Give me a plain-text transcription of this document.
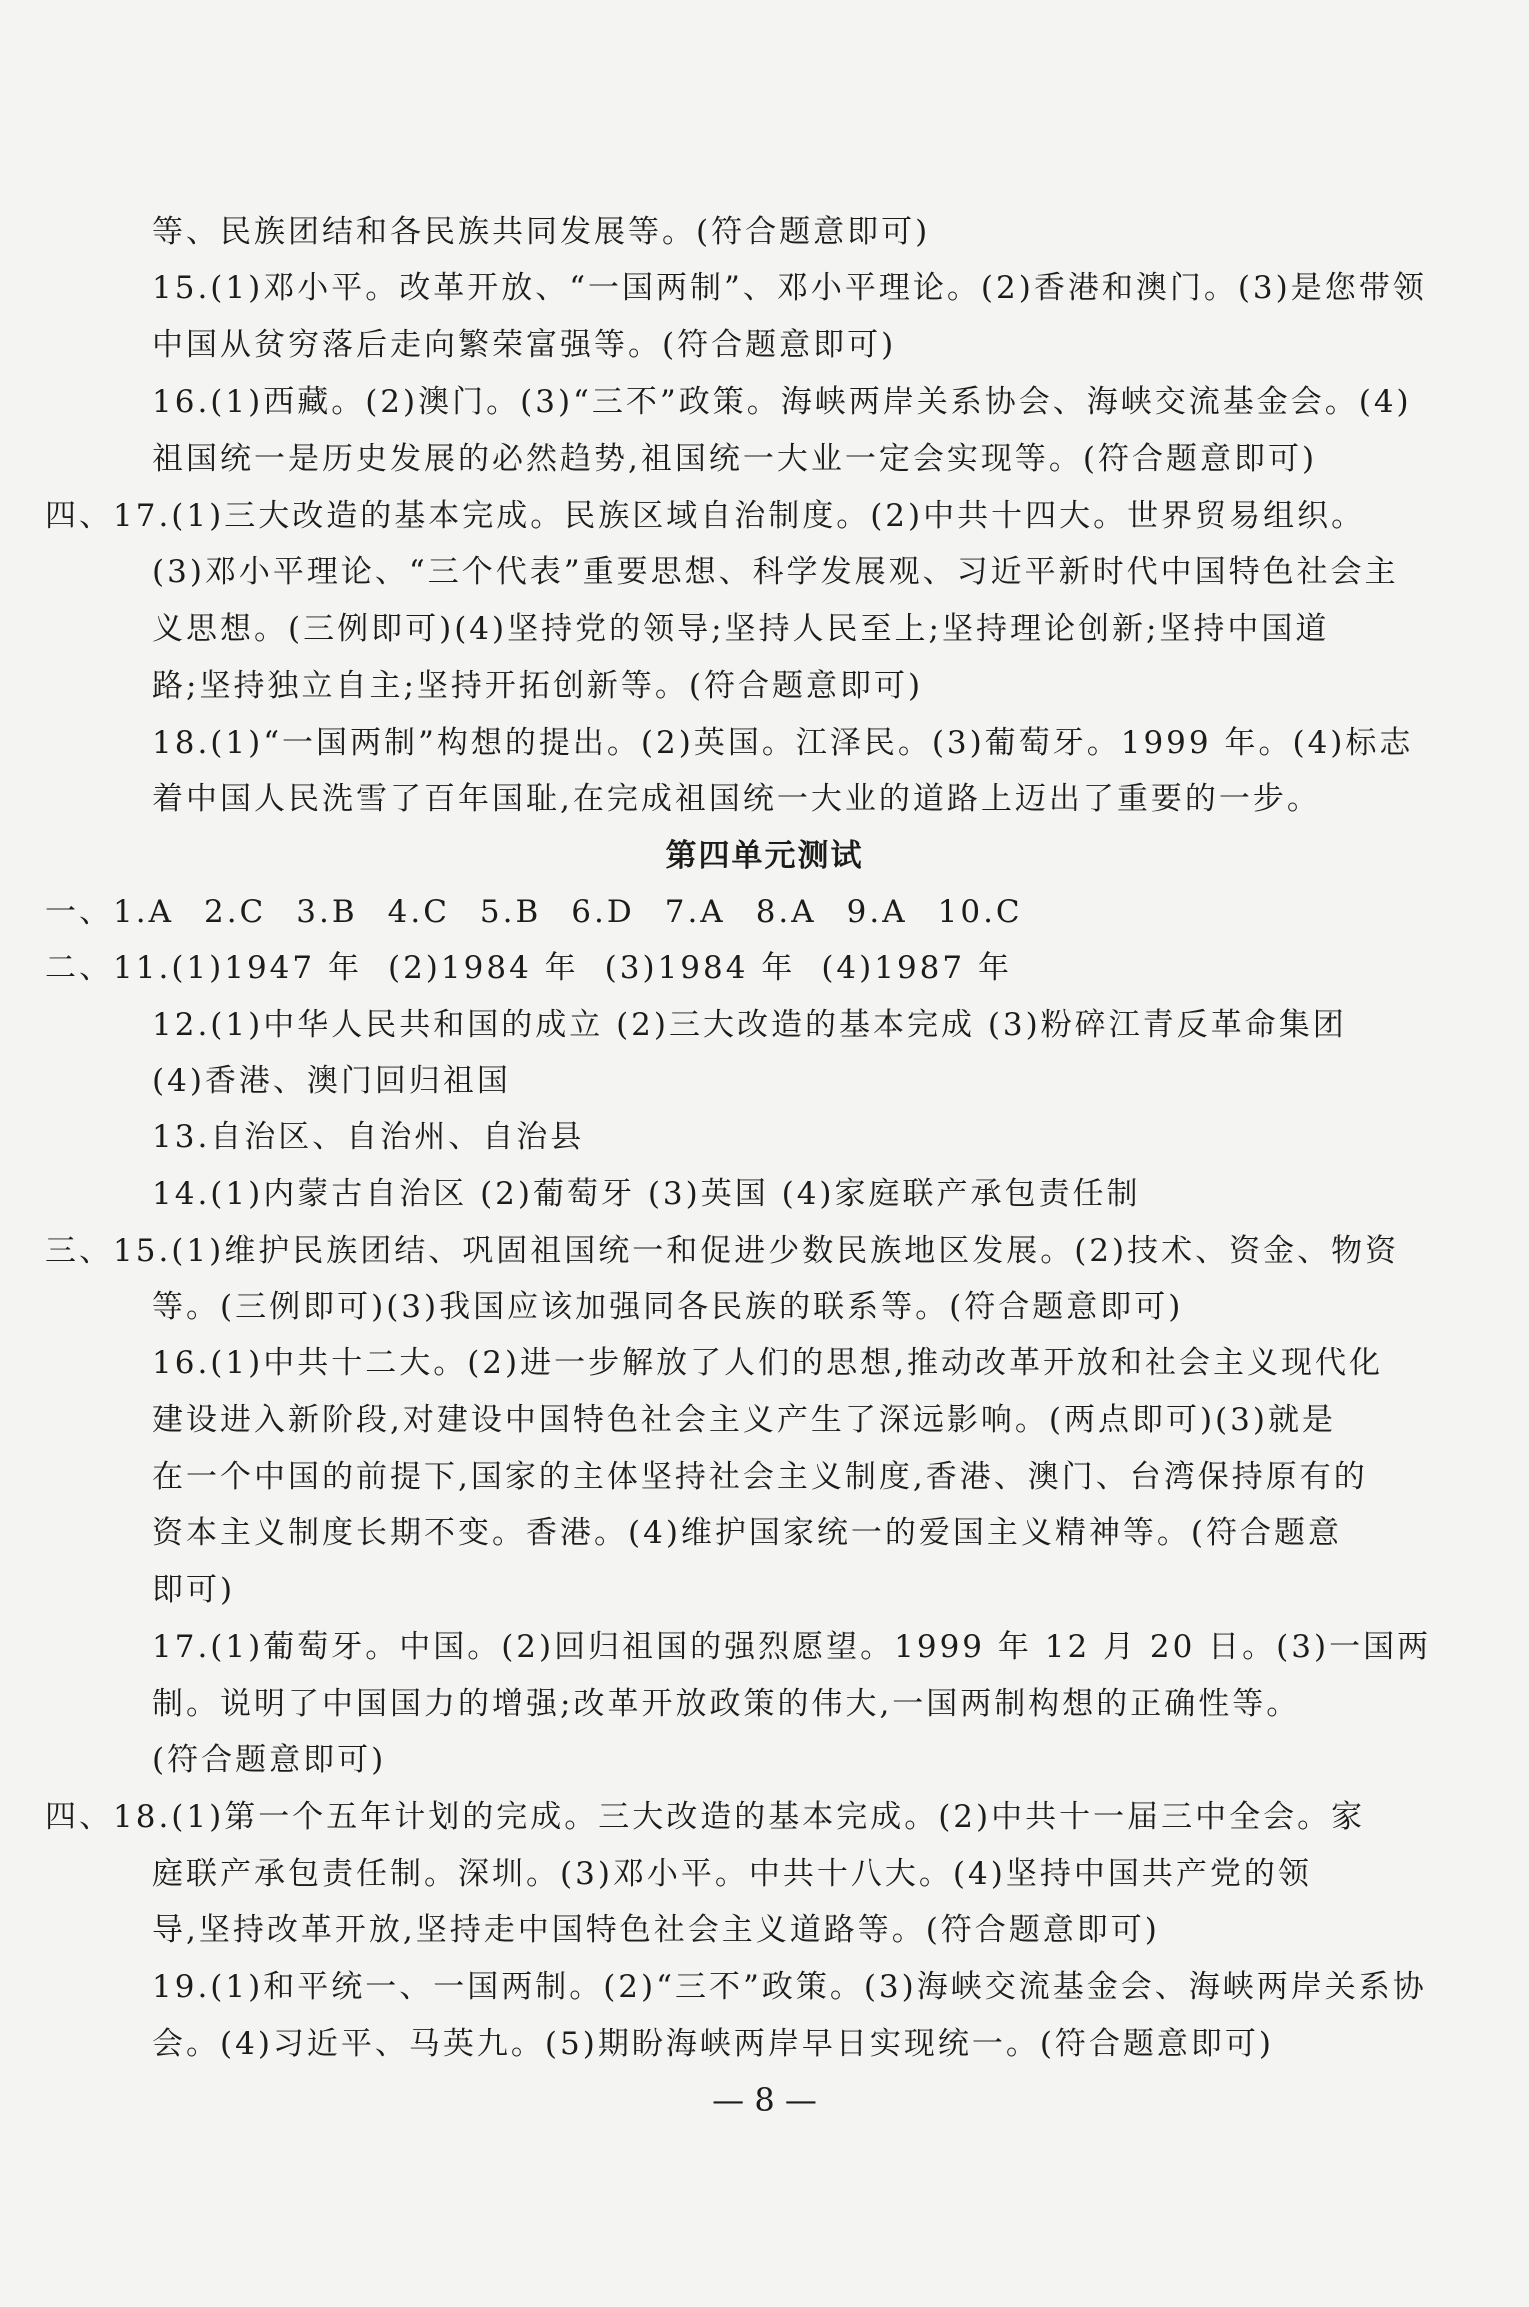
等、民族团结和各民族共同发展等。(符合题意即可)
15.(1)邓小平。改革开放、“一国两制”、邓小平理论。(2)香港和澳门。(3)是您带领
中国从贫穷落后走向繁荣富强等。(符合题意即可)
16.(1)西藏。(2)澳门。(3)“三不”政策。海峡两岸关系协会、海峡交流基金会。(4)
祖国统一是历史发展的必然趋势,祖国统一大业一定会实现等。(符合题意即可)
四、17.(1)三大改造的基本完成。民族区域自治制度。(2)中共十四大。世界贸易组织。
(3)邓小平理论、“三个代表”重要思想、科学发展观、习近平新时代中国特色社会主
义思想。(三例即可)(4)坚持党的领导;坚持人民至上;坚持理论创新;坚持中国道
路;坚持独立自主;坚持开拓创新等。(符合题意即可)
18.(1)“一国两制”构想的提出。(2)英国。江泽民。(3)葡萄牙。1999 年。(4)标志
着中国人民洗雪了百年国耻,在完成祖国统一大业的道路上迈出了重要的一步。
第四单元测试
一、1.A 2.C 3.B 4.C 5.B 6.D 7.A 8.A 9.A 10.C
二、11.(1)1947 年 (2)1984 年 (3)1984 年 (4)1987 年
12.(1)中华人民共和国的成立 (2)三大改造的基本完成 (3)粉碎江青反革命集团
(4)香港、澳门回归祖国
13.自治区、自治州、自治县
14.(1)内蒙古自治区 (2)葡萄牙 (3)英国 (4)家庭联产承包责任制
三、15.(1)维护民族团结、巩固祖国统一和促进少数民族地区发展。(2)技术、资金、物资
等。(三例即可)(3)我国应该加强同各民族的联系等。(符合题意即可)
16.(1)中共十二大。(2)进一步解放了人们的思想,推动改革开放和社会主义现代化
建设进入新阶段,对建设中国特色社会主义产生了深远影响。(两点即可)(3)就是
在一个中国的前提下,国家的主体坚持社会主义制度,香港、澳门、台湾保持原有的
资本主义制度长期不变。香港。(4)维护国家统一的爱国主义精神等。(符合题意
即可)
17.(1)葡萄牙。中国。(2)回归祖国的强烈愿望。1999 年 12 月 20 日。(3)一国两
制。说明了中国国力的增强;改革开放政策的伟大,一国两制构想的正确性等。
(符合题意即可)
四、18.(1)第一个五年计划的完成。三大改造的基本完成。(2)中共十一届三中全会。家
庭联产承包责任制。深圳。(3)邓小平。中共十八大。(4)坚持中国共产党的领
导,坚持改革开放,坚持走中国特色社会主义道路等。(符合题意即可)
19.(1)和平统一、一国两制。(2)“三不”政策。(3)海峡交流基金会、海峡两岸关系协
会。(4)习近平、马英九。(5)期盼海峡两岸早日实现统一。(符合题意即可)
— 8 —
